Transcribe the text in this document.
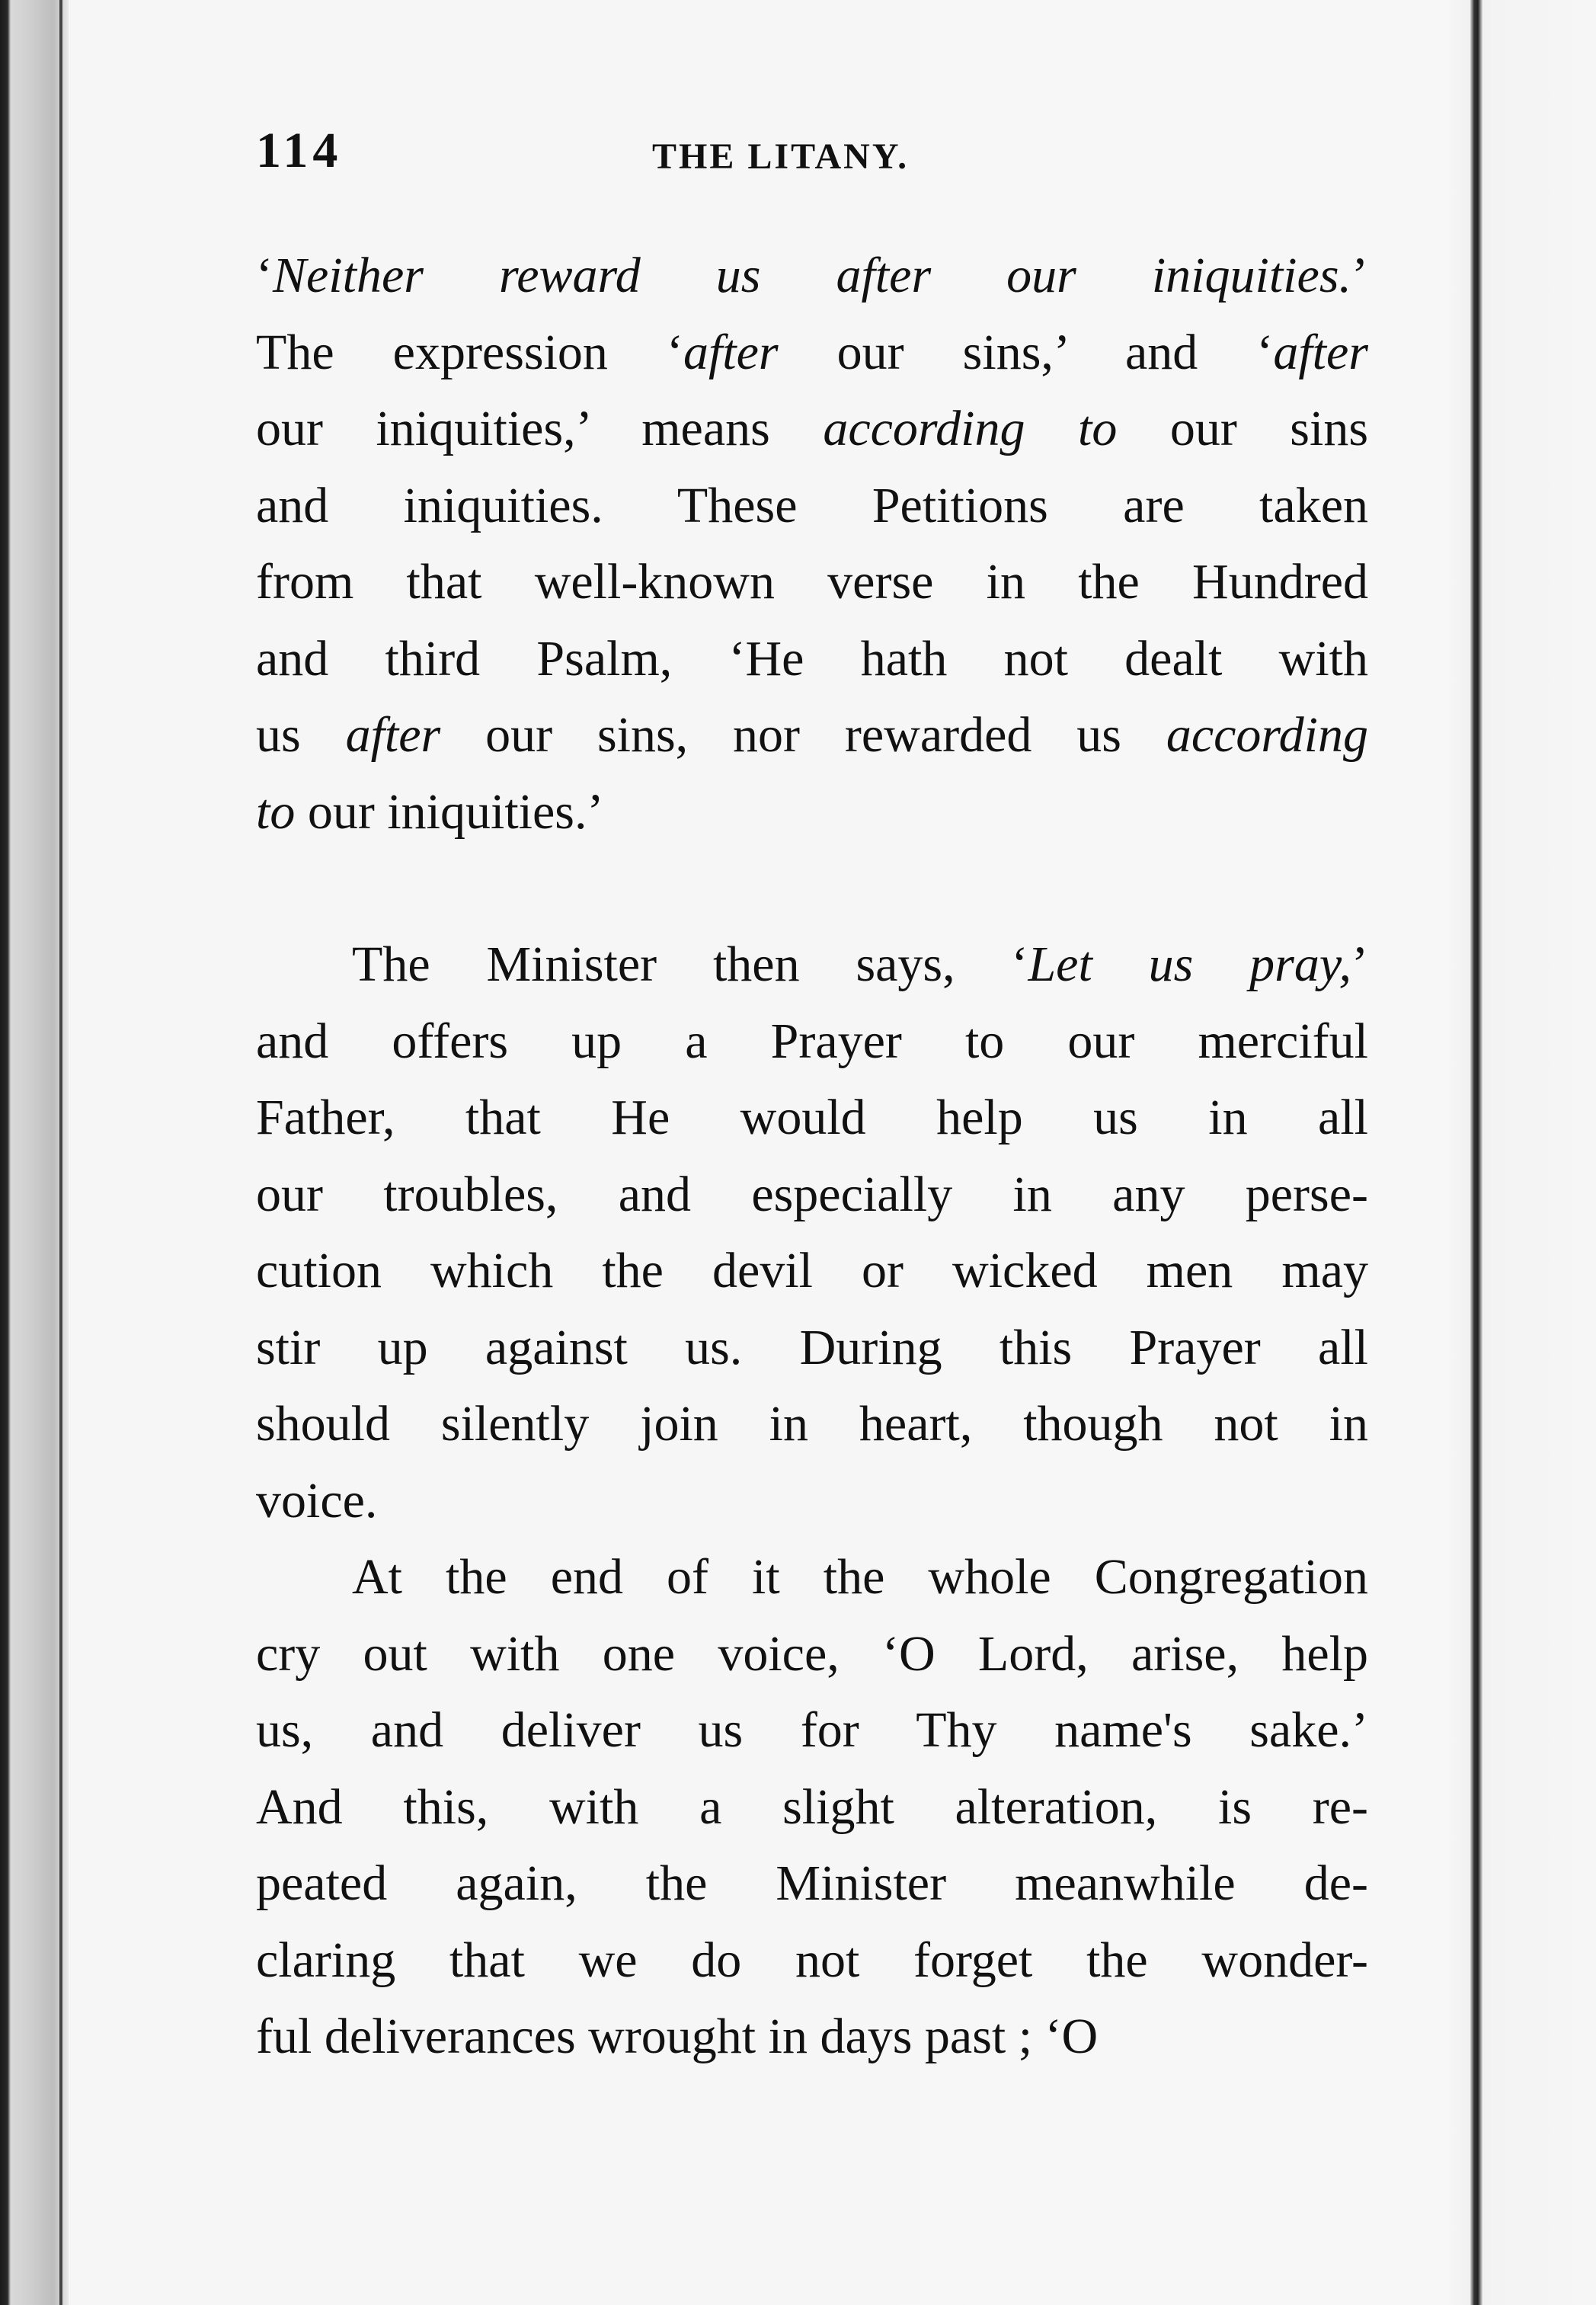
114	THE LITANY.
‘Neither reward us after our iniquities.’
The expression ‘after our sins,’ and ‘after
our iniquities,’ means according to our sins
and iniquities. These Petitions are taken
from that well-known verse in the Hundred
and third Psalm, ‘He hath not dealt with
us after our sins, nor rewarded us according
to our iniquities.’
The Minister then says, ‘Let us pray,’
and offers up a Prayer to our merciful
Father, that He would help us in all
our troubles, and especially in any perse-
cution which the devil or wicked men may
stir up against us. During this Prayer all
should silently join in heart, though not in
voice.
At the end of it the whole Congregation
cry out with one voice, ‘O Lord, arise, help
us, and deliver us for Thy name's sake.’
And this, with a slight alteration, is re-
peated again, the Minister meanwhile de-
claring that we do not forget the wonder-
ful deliverances wrought in days past ; ‘O
